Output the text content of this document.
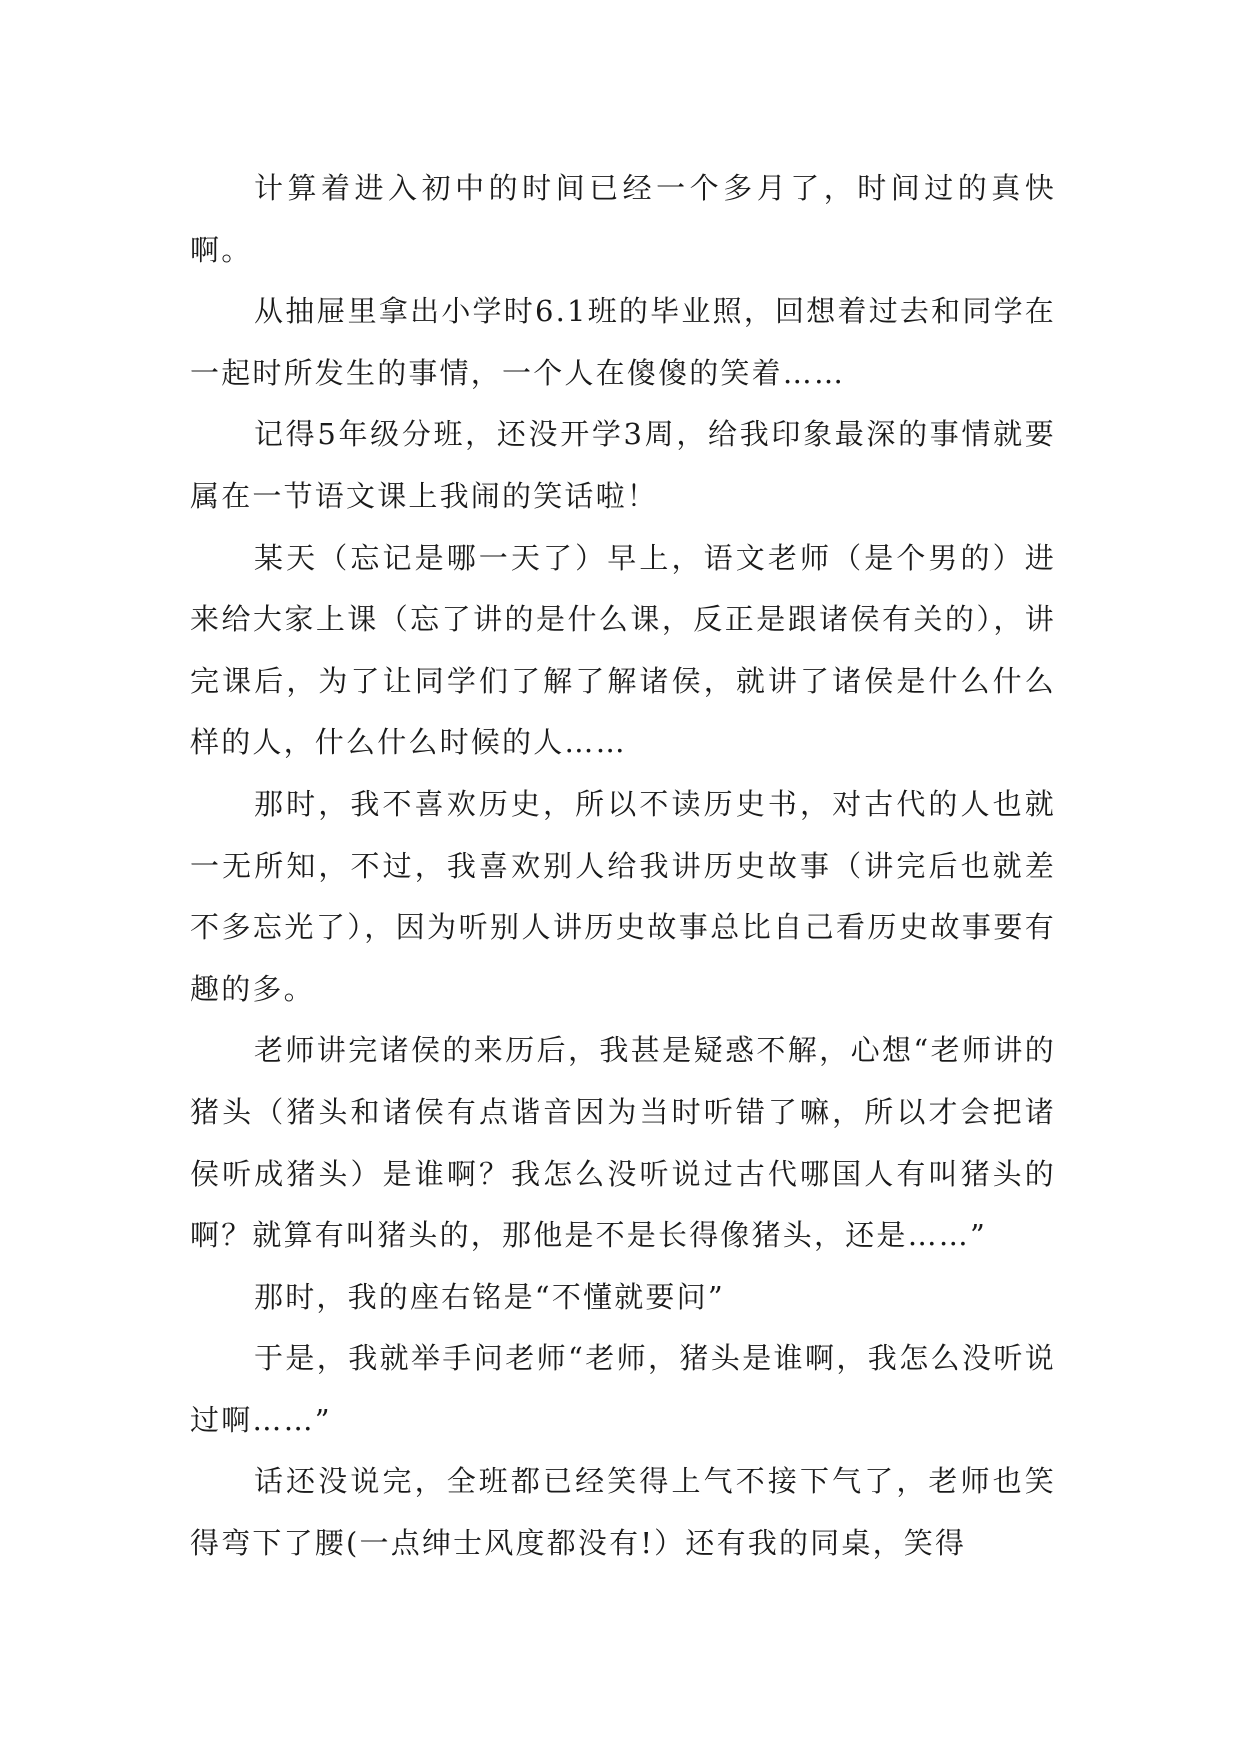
计算着进入初中的时间已经一个多月了，时间过的真快啊。

从抽屉里拿出小学时6.1班的毕业照，回想着过去和同学在一起时所发生的事情，一个人在傻傻的笑着……

记得5年级分班，还没开学3周，给我印象最深的事情就要属在一节语文课上我闹的笑话啦！

某天（忘记是哪一天了）早上，语文老师（是个男的）进来给大家上课（忘了讲的是什么课，反正是跟诸侯有关的），讲完课后，为了让同学们了解了解诸侯，就讲了诸侯是什么什么样的人，什么什么时候的人……

那时，我不喜欢历史，所以不读历史书，对古代的人也就一无所知，不过，我喜欢别人给我讲历史故事（讲完后也就差不多忘光了），因为听别人讲历史故事总比自己看历史故事要有趣的多。

老师讲完诸侯的来历后，我甚是疑惑不解，心想“老师讲的猪头（猪头和诸侯有点谐音因为当时听错了嘛，所以才会把诸侯听成猪头）是谁啊？我怎么没听说过古代哪国人有叫猪头的啊？就算有叫猪头的，那他是不是长得像猪头，还是……”

那时，我的座右铭是“不懂就要问”

于是，我就举手问老师“老师，猪头是谁啊，我怎么没听说过啊……”

话还没说完，全班都已经笑得上气不接下气了，老师也笑得弯下了腰(一点绅士风度都没有!）还有我的同桌，笑得
